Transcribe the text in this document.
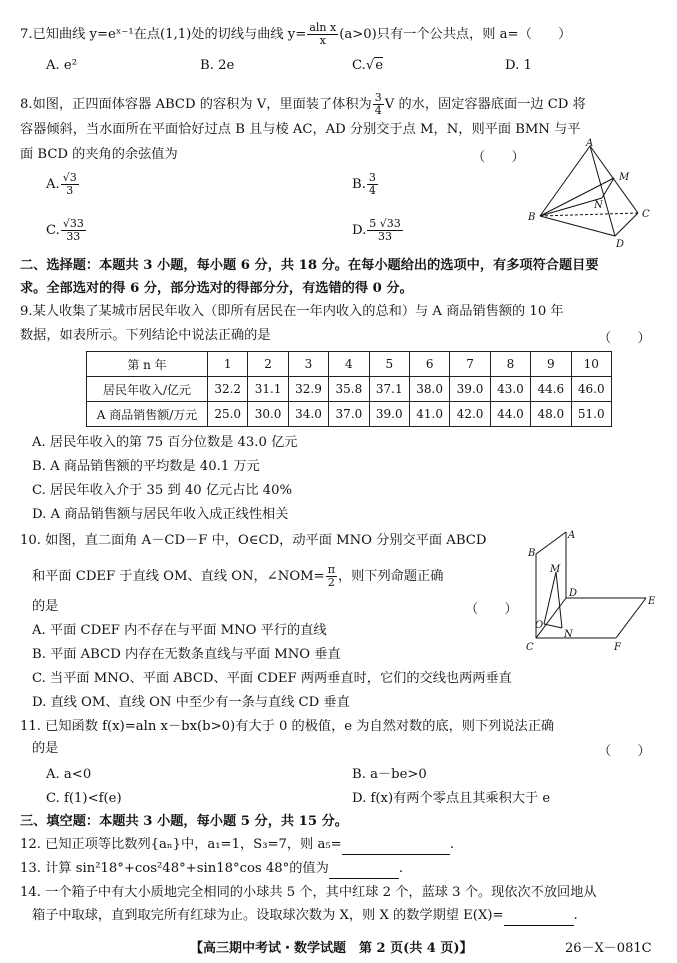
7.已知曲线 y=eˣ⁻¹在点(1,1)处的切线与曲线 $y= \frac{\text{aln x}}{x} (a>0)$只有一个公共点，则 a=（　　）
A. e²	B. 2e	C.√e	D. 1
8.如图，正四面体容器 ABCD 的容积为 V，里面装了体积为 $\frac{3}{4}$ V 的水，固定容器底面一边 CD 将
容器倾斜，当水面所在平面恰好过点 B 且与棱 AC，AD 分别交于点 M，N，则平面 BMN 与平
面 BCD 的夹角的余弦值为	（　　）
A. $\frac{√3}{3}$	B. $\frac{3}{4}$
C. $\frac{√33}{33}$	D. $\frac{5 √33}{33}$
A
M
N
B	C
D
二、选择题：本题共 3 小题，每小题 6 分，共 18 分。在每小题给出的选项中，有多项符合题目要
求。全部选对的得 6 分，部分选对的得部分分，有选错的得 0 分。
9.某人收集了某城市居民年收入（即所有居民在一年内收入的总和）与 A 商品销售额的 10 年
数据，如表所示。下列结论中说法正确的是	（　　）
第 n 年	1	2	3	4	5	6	7	8	9	10
居民年收入/亿元	32.2	31.1	32.9	35.8	37.1	38.0	39.0	43.0	44.6	46.0
A 商品销售额/万元	25.0	30.0	34.0	37.0	39.0	41.0	42.0	44.0	48.0	51.0
A. 居民年收入的第 75 百分位数是 43.0 亿元
B. A 商品销售额的平均数是 40.1 万元
C. 居民年收入介于 35 到 40 亿元占比 40%
D. A 商品销售额与居民年收入成正线性相关
10. 如图，直二面角 A－CD－F 中，O∈CD，动平面 MNO 分别交平面 ABCD
和平面 CDEF 于直线 OM、直线 ON，∠NOM= $\frac{\pi}{2}$ ，则下列命题正确
的是	（　　）
A. 平面 CDEF 内不存在与平面 MNO 平行的直线
B. 平面 ABCD 内存在无数条直线与平面 MNO 垂直
C. 当平面 MNO、平面 ABCD、平面 CDEF 两两垂直时，它们的交线也两两垂直
D. 直线 OM、直线 ON 中至少有一条与直线 CD 垂直
A
B
M
D
E
O
N
C	F
11. 已知函数 f(x)=aln x－bx(b>0)有大于 0 的极值，e 为自然对数的底，则下列说法正确
的是	（　　）
A. a<0	B. a－be>0
C. f(1)<f(e)	D. f(x)有两个零点且其乘积大于 e
三、填空题：本题共 3 小题，每小题 5 分，共 15 分。
12. 已知正项等比数列{aₙ}中，a₁=1，S₃=7，则 a₅=	.
13. 计算 sin²18°+cos²48°+sin18°cos 48°的值为	.
14. 一个箱子中有大小质地完全相同的小球共 5 个，其中红球 2 个，蓝球 3 个。现依次不放回地从
箱子中取球，直到取完所有红球为止。设取球次数为 X，则 X 的数学期望 E(X)=	.
【高三期中考试・数学试题　第 2 页(共 4 页)】	26－X－081C
